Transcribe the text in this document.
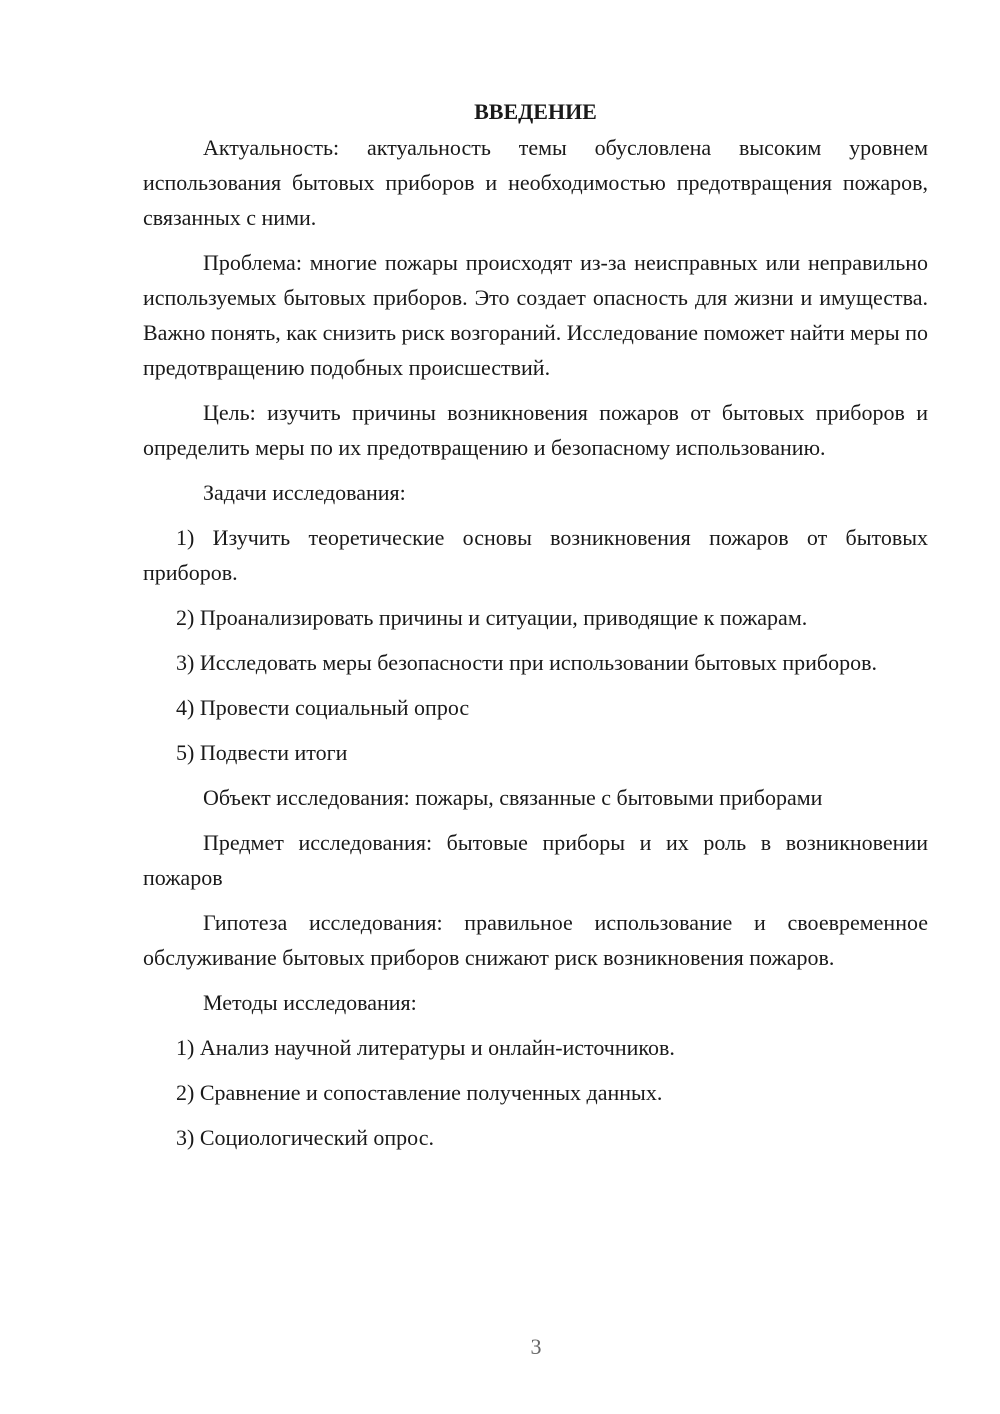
ВВЕДЕНИЕ

Актуальность: актуальность темы обусловлена высоким уровнем использования бытовых приборов и необходимостью предотвращения пожаров, связанных с ними.

Проблема: многие пожары происходят из-за неисправных или неправильно используемых бытовых приборов. Это создает опасность для жизни и имущества. Важно понять, как снизить риск возгораний. Исследование поможет найти меры по предотвращению подобных происшествий.

Цель: изучить причины возникновения пожаров от бытовых приборов и определить меры по их предотвращению и безопасному использованию.

Задачи исследования:

1) Изучить теоретические основы возникновения пожаров от бытовых приборов.

2) Проанализировать причины и ситуации, приводящие к пожарам.

3) Исследовать меры безопасности при использовании бытовых приборов.

4) Провести социальный опрос

5) Подвести итоги

Объект исследования: пожары, связанные с бытовыми приборами

Предмет исследования: бытовые приборы и их роль в возникновении пожаров

Гипотеза исследования: правильное использование и своевременное обслуживание бытовых приборов снижают риск возникновения пожаров.

Методы исследования:

1) Анализ научной литературы и онлайн-источников.

2) Сравнение и сопоставление полученных данных.

3) Социологический опрос.

3
